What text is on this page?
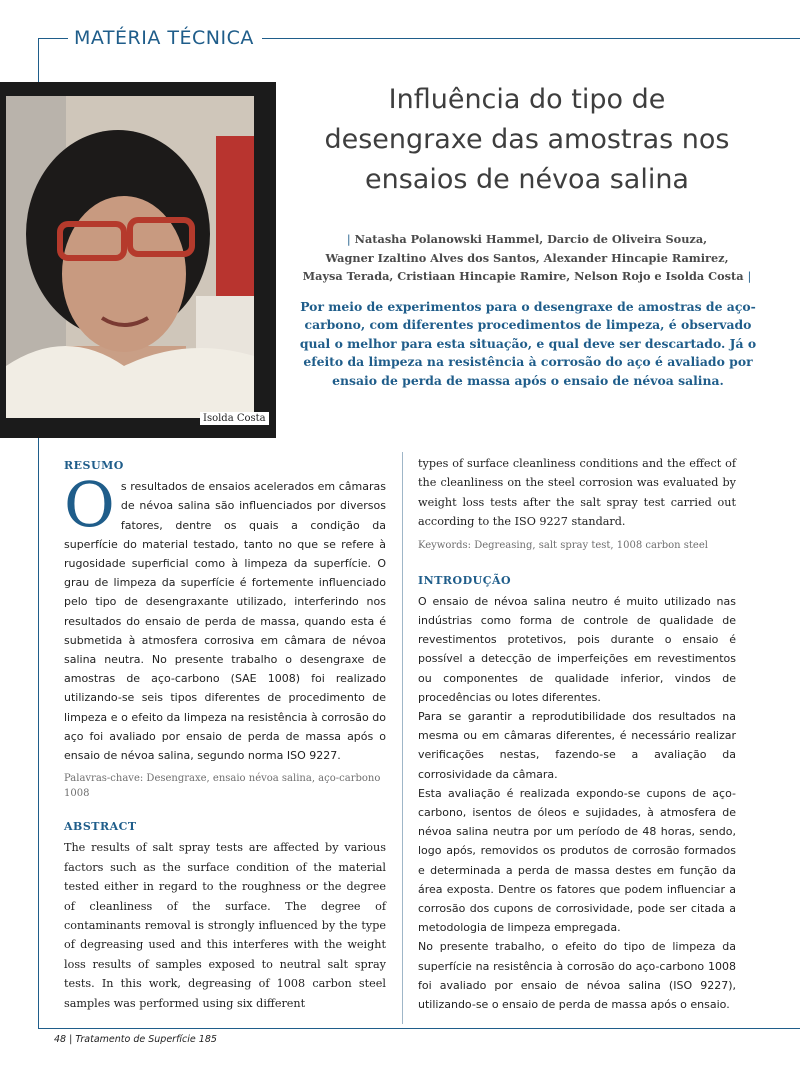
MATÉRIA TÉCNICA
Isolda Costa
Influência do tipo de
desengraxe das amostras nos
ensaios de névoa salina
| Natasha Polanowski Hammel, Darcio de Oliveira Souza,
Wagner Izaltino Alves dos Santos, Alexander Hincapie Ramirez,
Maysa Terada, Cristiaan Hincapie Ramire, Nelson Rojo e Isolda Costa |
Por meio de experimentos para o desengraxe de amostras de aço-carbono, com diferentes procedimentos de limpeza, é observado qual o melhor para esta situação, e qual deve ser descartado. Já o efeito da limpeza na resistência à corrosão do aço é avaliado por ensaio de perda de massa após o ensaio de névoa salina.
RESUMO

Os resultados de ensaios acelerados em câmaras de névoa salina são influenciados por diversos fatores, dentre os quais a condição da superfície do material testado, tanto no que se refere à rugosidade superficial como à limpeza da superfície. O grau de limpeza da superfície é fortemente influenciado pelo tipo de desengraxante utilizado, interferindo nos resultados do ensaio de perda de massa, quando esta é submetida à atmosfera corrosiva em câmara de névoa salina neutra. No presente trabalho o desengraxe de amostras de aço-carbono (SAE 1008) foi realizado utilizando-se seis tipos diferentes de procedimento de limpeza e o efeito da limpeza na resistência à corrosão do aço foi avaliado por ensaio de perda de massa após o ensaio de névoa salina, segundo norma ISO 9227.

Palavras-chave: Desengraxe, ensaio névoa salina, aço-carbono 1008

ABSTRACT

The results of salt spray tests are affected by various factors such as the surface condition of the material tested either in regard to the roughness or the degree of cleanliness of the surface. The degree of contaminants removal is strongly influenced by the type of degreasing used and this interferes with the weight loss results of samples exposed to neutral salt spray tests. In this work, degreasing of 1008 carbon steel samples was performed using six different

types of surface cleanliness conditions and the effect of the cleanliness on the steel corrosion was evaluated by weight loss tests after the salt spray test carried out according to the ISO 9227 standard.

Keywords: Degreasing, salt spray test, 1008 carbon steel

INTRODUÇÃO

O ensaio de névoa salina neutro é muito utilizado nas indústrias como forma de controle de qualidade de revestimentos protetivos, pois durante o ensaio é possível a detecção de imperfeições em revestimentos ou componentes de qualidade inferior, vindos de procedências ou lotes diferentes.

Para se garantir a reprodutibilidade dos resultados na mesma ou em câmaras diferentes, é necessário realizar verificações nestas, fazendo-se a avaliação da corrosividade da câmara.

Esta avaliação é realizada expondo-se cupons de aço-carbono, isentos de óleos e sujidades, à atmosfera de névoa salina neutra por um período de 48 horas, sendo, logo após, removidos os produtos de corrosão formados e determinada a perda de massa destes em função da área exposta. Dentre os fatores que podem influenciar a corrosão dos cupons de corrosividade, pode ser citada a metodologia de limpeza empregada.

No presente trabalho, o efeito do tipo de limpeza da superfície na resistência à corrosão do aço-carbono 1008 foi avaliado por ensaio de névoa salina (ISO 9227), utilizando-se o ensaio de perda de massa após o ensaio.

48 | Tratamento de Superfície 185
